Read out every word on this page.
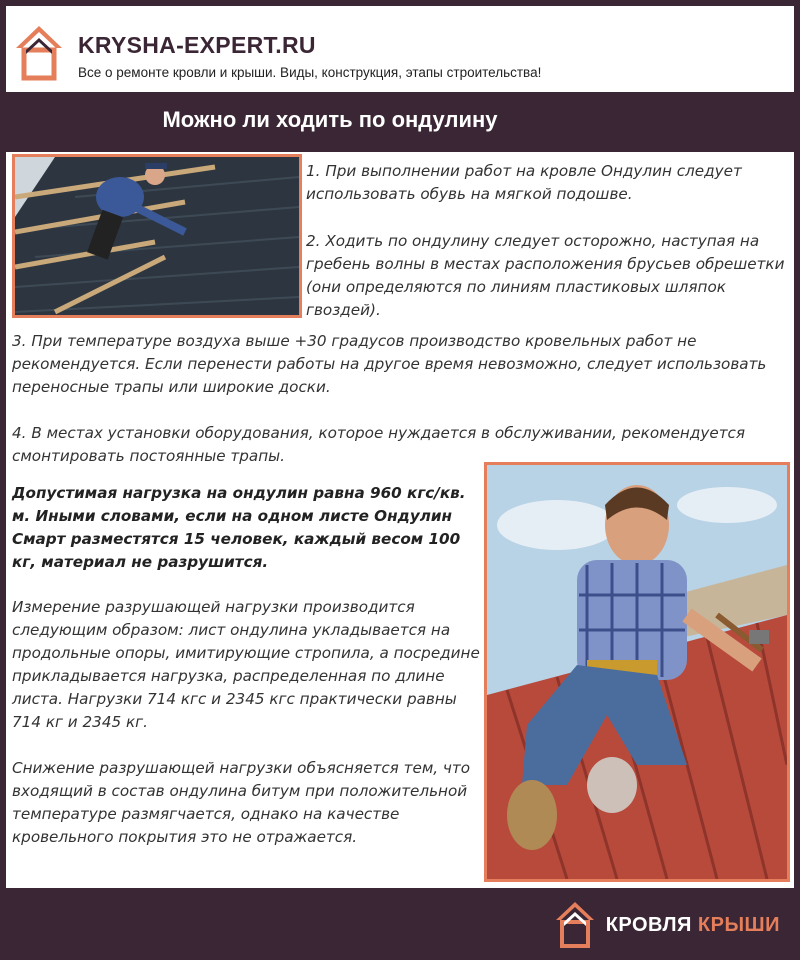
KRYSHA-EXPERT.RU
Все о ремонте кровли и крыши. Виды, конструкция, этапы строительства!
Можно ли ходить по ондулину
1. При выполнении работ на кровле Ондулин следует использовать обувь на мягкой подошве.
2. Ходить по ондулину следует осторожно, наступая на гребень волны в местах расположения брусьев обрешетки (они определяются по линиям пластиковых шляпок гвоздей).
3. При температуре воздуха выше +30 градусов производство кровельных работ не рекомендуется. Если перенести работы на другое время невозможно, следует использовать переносные трапы или широкие доски.
4. В местах установки оборудования, которое нуждается в обслуживании, рекомендуется смонтировать постоянные трапы.
Допустимая нагрузка на ондулин равна 960 кгс/кв. м. Иными словами, если на одном листе Ондулин Смарт разместятся 15 человек, каждый весом 100 кг, материал не разрушится.
Измерение разрушающей нагрузки производится следующим образом: лист ондулина укладывается на продольные опоры, имитирующие стропила, а посредине прикладывается нагрузка, распределенная по длине листа. Нагрузки 714 кгс и 2345 кгс практически равны 714 кг и 2345 кг.
Снижение разрушающей нагрузки объясняется тем, что входящий в состав ондулина битум при положительной температуре размягчается, однако на качестве кровельного покрытия это не отражается.
КРОВЛЯ КРЫШИ
